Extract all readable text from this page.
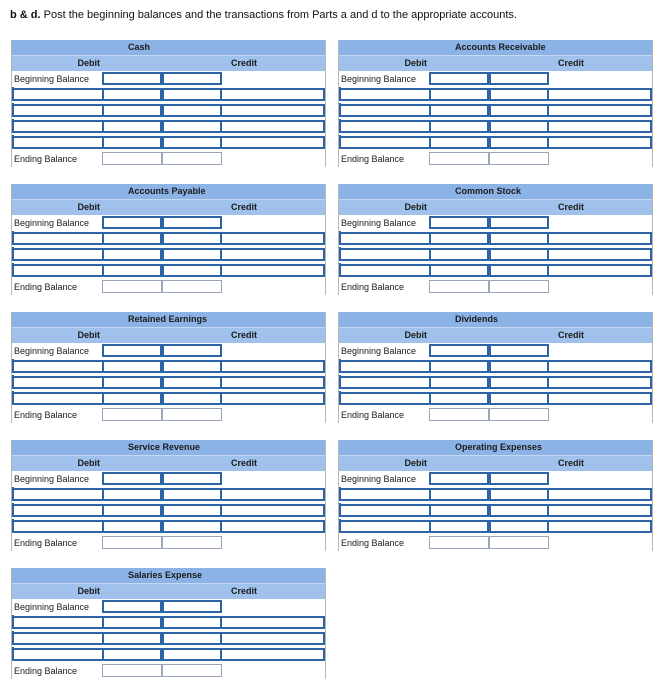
b & d. Post the beginning balances and the transactions from Parts a and d to the appropriate accounts.
Cash
Debit	Credit
Beginning Balance
Ending Balance
Accounts Receivable
Debit	Credit
Beginning Balance
Ending Balance
Accounts Payable
Debit	Credit
Beginning Balance
Ending Balance
Common Stock
Debit	Credit
Beginning Balance
Ending Balance
Retained Earnings
Debit	Credit
Beginning Balance
Ending Balance
Dividends
Debit	Credit
Beginning Balance
Ending Balance
Service Revenue
Debit	Credit
Beginning Balance
Ending Balance
Operating Expenses
Debit	Credit
Beginning Balance
Ending Balance
Salaries Expense
Debit	Credit
Beginning Balance
Ending Balance
